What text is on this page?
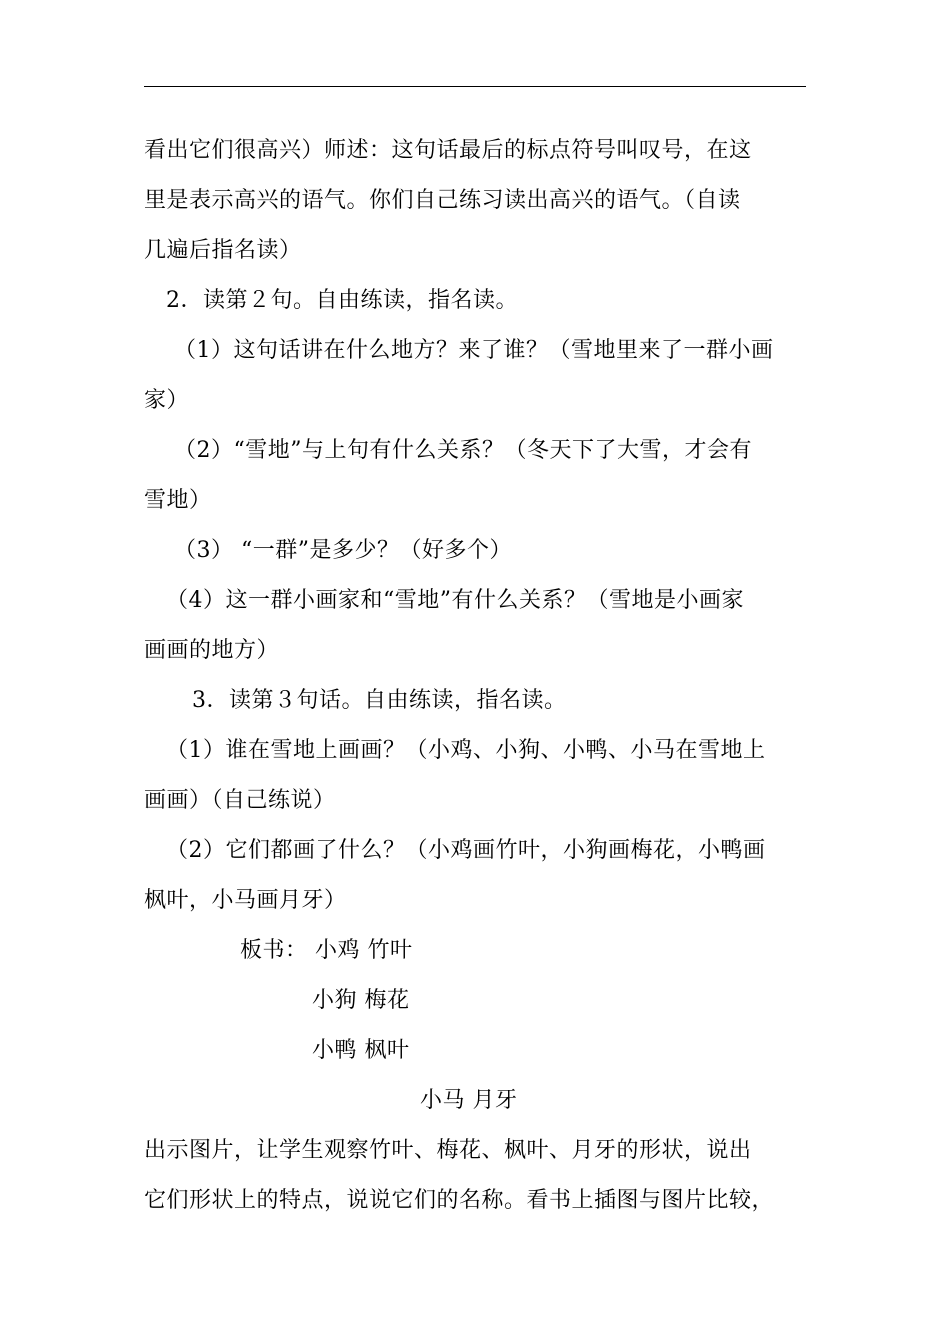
看出它们很高兴）师述：这句话最后的标点符号叫叹号，在这
里是表示高兴的语气。你们自己练习读出高兴的语气。（自读
几遍后指名读）
2．读第２句。自由练读，指名读。
（1）这句话讲在什么地方？来了谁？（雪地里来了一群小画
家）
（2）“雪地”与上句有什么关系？（冬天下了大雪，才会有
雪地）
（3） “一群”是多少？（好多个）
（4）这一群小画家和“雪地”有什么关系？（雪地是小画家
画画的地方）
3．读第３句话。自由练读，指名读。
（1）谁在雪地上画画？（小鸡、小狗、小鸭、小马在雪地上
画画）（自己练说）
（2）它们都画了什么？（小鸡画竹叶，小狗画梅花，小鸭画
枫叶，小马画月牙）
板书： 小鸡 竹叶
小狗 梅花
小鸭 枫叶
小马 月牙
出示图片，让学生观察竹叶、梅花、枫叶、月牙的形状，说出
它们形状上的特点，说说它们的名称。看书上插图与图片比较，
